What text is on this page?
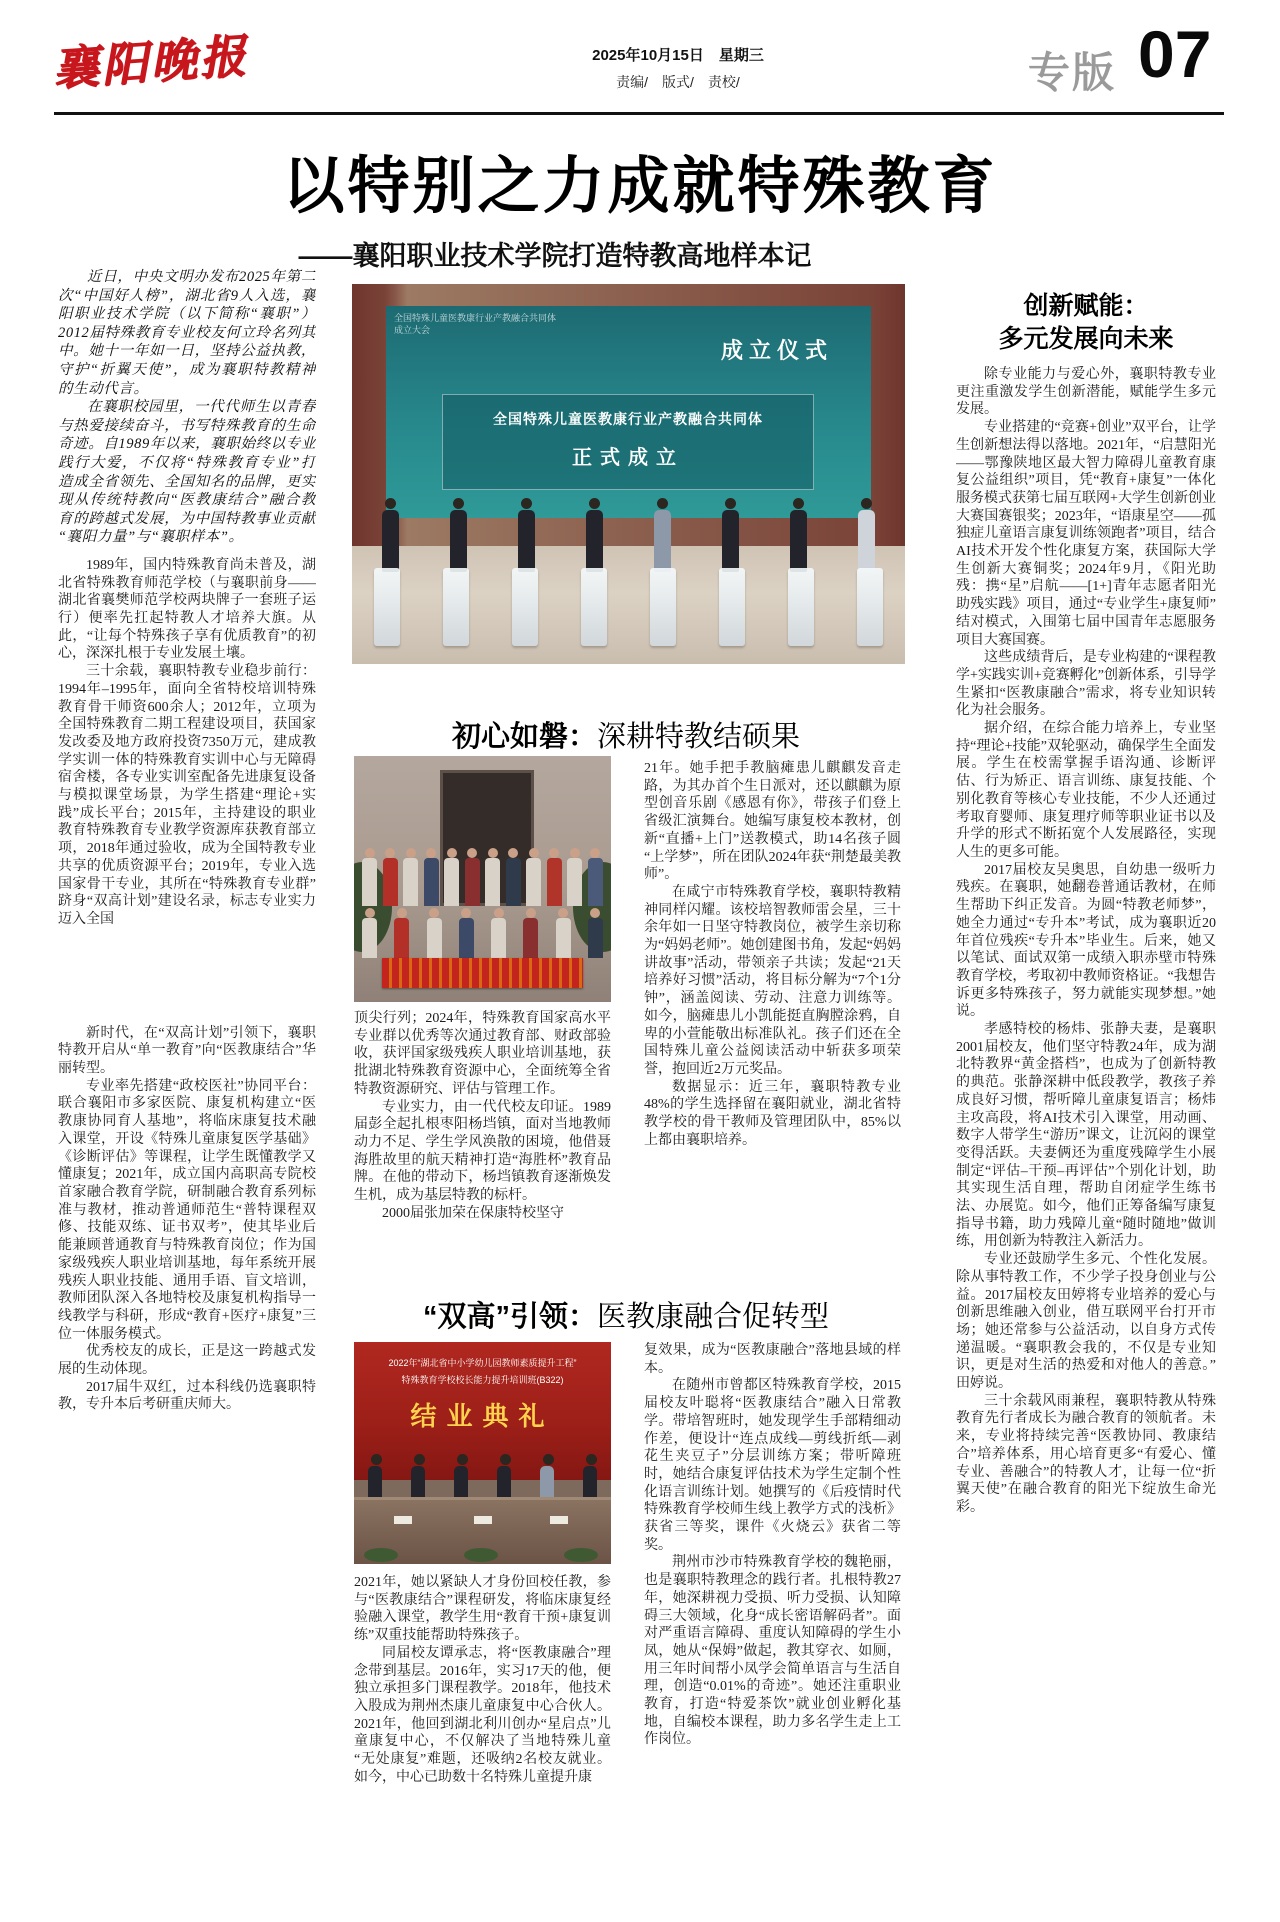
襄阳晚报	2025年10月15日　星期三
责编/　版式/　责校/	专版 07
以特别之力成就特殊教育
——襄阳职业技术学院打造特教高地样本记
全国特殊儿童医教康行业产教融合共同体
成立大会
成立仪式
全国特殊儿童医教康行业产教融合共同体
正式成立

近日，中央文明办发布2025年第二次“中国好人榜”，湖北省9人入选，襄阳职业技术学院（以下简称“襄职”）2012届特殊教育专业校友何立玲名列其中。她十一年如一日，坚持公益执教，守护“折翼天使”，成为襄职特教精神的生动代言。

在襄职校园里，一代代师生以青春与热爱接续奋斗，书写特殊教育的生命奇迹。自1989年以来，襄职始终以专业践行大爱，不仅将“特殊教育专业”打造成全省领先、全国知名的品牌，更实现从传统特教向“医教康结合”融合教育的跨越式发展，为中国特教事业贡献“襄阳力量”与“襄职样本”。

1989年，国内特殊教育尚未普及，湖北省特殊教育师范学校（与襄职前身——湖北省襄樊师范学校两块牌子一套班子运行）便率先扛起特教人才培养大旗。从此，“让每个特殊孩子享有优质教育”的初心，深深扎根于专业发展土壤。

三十余载，襄职特教专业稳步前行：1994年–1995年，面向全省特校培训特殊教育骨干师资600余人；2012年，立项为全国特殊教育二期工程建设项目，获国家发改委及地方政府投资7350万元，建成教学实训一体的特殊教育实训中心与无障碍宿舍楼，各专业实训室配备先进康复设备与模拟课堂场景，为学生搭建“理论+实践”成长平台；2015年，主持建设的职业教育特殊教育专业教学资源库获教育部立项，2018年通过验收，成为全国特教专业共享的优质资源平台；2019年，专业入选国家骨干专业，其所在“特殊教育专业群”跻身“双高计划”建设名录，标志专业实力迈入全国

新时代，在“双高计划”引领下，襄职特教开启从“单一教育”向“医教康结合”华丽转型。

专业率先搭建“政校医社”协同平台：联合襄阳市多家医院、康复机构建立“医教康协同育人基地”，将临床康复技术融入课堂，开设《特殊儿童康复医学基础》《诊断评估》等课程，让学生既懂教学又懂康复；2021年，成立国内高职高专院校首家融合教育学院，研制融合教育系列标准与教材，推动普通师范生“普特课程双修、技能双练、证书双考”，使其毕业后能兼顾普通教育与特殊教育岗位；作为国家级残疾人职业培训基地，每年系统开展残疾人职业技能、通用手语、盲文培训，教师团队深入各地特校及康复机构指导一线教学与科研，形成“教育+医疗+康复”三位一体服务模式。

优秀校友的成长，正是这一跨越式发展的生动体现。

2017届牛双红，过本科线仍选襄职特教，专升本后考研重庆师大。

初心如磐：深耕特教结硕果

顶尖行列；2024年，特殊教育国家高水平专业群以优秀等次通过教育部、财政部验收，获评国家级残疾人职业培训基地，获批湖北特殊教育资源中心，全面统筹全省特教资源研究、评估与管理工作。

专业实力，由一代代校友印证。1989届彭全起扎根枣阳杨垱镇，面对当地教师动力不足、学生学风涣散的困境，他借聂海胜故里的航天精神打造“海胜杯”教育品牌。在他的带动下，杨垱镇教育逐渐焕发生机，成为基层特教的标杆。

2000届张加荣在保康特校坚守

21年。她手把手教脑瘫患儿麒麒发音走路，为其办首个生日派对，还以麒麒为原型创音乐剧《感恩有你》，带孩子们登上省级汇演舞台。她编写康复校本教材，创新“直播+上门”送教模式，助14名孩子圆“上学梦”，所在团队2024年获“荆楚最美教师”。

在咸宁市特殊教育学校，襄职特教精神同样闪耀。该校培智教师雷会星，三十余年如一日坚守特教岗位，被学生亲切称为“妈妈老师”。她创建图书角，发起“妈妈讲故事”活动，带领亲子共读；发起“21天培养好习惯”活动，将目标分解为“7个1分钟”，涵盖阅读、劳动、注意力训练等。如今，脑瘫患儿小凯能挺直胸膛涂鸦，自卑的小萱能敬出标准队礼。孩子们还在全国特殊儿童公益阅读活动中斩获多项荣誉，抱回近2万元奖品。

数据显示：近三年，襄职特教专业48%的学生选择留在襄阳就业，湖北省特教学校的骨干教师及管理团队中，85%以上都由襄职培养。

“双高”引领：医教康融合促转型
2022年“湖北省中小学幼儿园教师素质提升工程”
特殊教育学校校长能力提升培训班(B322)
结业典礼

2021年，她以紧缺人才身份回校任教，参与“医教康结合”课程研发，将临床康复经验融入课堂，教学生用“教育干预+康复训练”双重技能帮助特殊孩子。

同届校友谭承志，将“医教康融合”理念带到基层。2016年，实习17天的他，便独立承担多门课程教学。2018年，他技术入股成为荆州杰康儿童康复中心合伙人。2021年，他回到湖北利川创办“星启点”儿童康复中心，不仅解决了当地特殊儿童“无处康复”难题，还吸纳2名校友就业。如今，中心已助数十名特殊儿童提升康

复效果，成为“医教康融合”落地县域的样本。

在随州市曾都区特殊教育学校，2015届校友叶聪将“医教康结合”融入日常教学。带培智班时，她发现学生手部精细动作差，便设计“连点成线—剪线折纸—剥花生夹豆子”分层训练方案；带听障班时，她结合康复评估技术为学生定制个性化语言训练计划。她撰写的《后疫情时代特殊教育学校师生线上教学方式的浅析》获省三等奖，课件《火烧云》获省二等奖。

荆州市沙市特殊教育学校的魏艳丽，也是襄职特教理念的践行者。扎根特教27年，她深耕视力受损、听力受损、认知障碍三大领域，化身“成长密语解码者”。面对严重语言障碍、重度认知障碍的学生小凤，她从“保姆”做起，教其穿衣、如厕，用三年时间帮小凤学会简单语言与生活自理，创造“0.01%的奇迹”。她还注重职业教育，打造“特爱茶饮”就业创业孵化基地，自编校本课程，助力多名学生走上工作岗位。

创新赋能：
多元发展向未来

除专业能力与爱心外，襄职特教专业更注重激发学生创新潜能，赋能学生多元发展。

专业搭建的“竞赛+创业”双平台，让学生创新想法得以落地。2021年，“启慧阳光——鄂豫陕地区最大智力障碍儿童教育康复公益组织”项目，凭“教育+康复”一体化服务模式获第七届互联网+大学生创新创业大赛国赛银奖；2023年，“语康星空——孤独症儿童语言康复训练领跑者”项目，结合AI技术开发个性化康复方案，获国际大学生创新大赛铜奖；2024年9月，《阳光助残：携“星”启航——[1+]青年志愿者阳光助残实践》项目，通过“专业学生+康复师”结对模式，入围第七届中国青年志愿服务项目大赛国赛。

这些成绩背后，是专业构建的“课程教学+实践实训+竞赛孵化”创新体系，引导学生紧扣“医教康融合”需求，将专业知识转化为社会服务。

据介绍，在综合能力培养上，专业坚持“理论+技能”双轮驱动，确保学生全面发展。学生在校需掌握手语沟通、诊断评估、行为矫正、语言训练、康复技能、个别化教育等核心专业技能，不少人还通过考取育婴师、康复理疗师等职业证书以及升学的形式不断拓宽个人发展路径，实现人生的更多可能。

2017届校友吴奥思，自幼患一级听力残疾。在襄职，她翻卷普通话教材，在师生帮助下纠正发音。为圆“特教老师梦”，她全力通过“专升本”考试，成为襄职近20年首位残疾“专升本”毕业生。后来，她又以笔试、面试双第一成绩入职赤壁市特殊教育学校，考取初中教师资格证。“我想告诉更多特殊孩子，努力就能实现梦想。”她说。

孝感特校的杨炜、张静夫妻，是襄职2001届校友，他们坚守特教24年，成为湖北特教界“黄金搭档”，也成为了创新特教的典范。张静深耕中低段教学，教孩子养成良好习惯，帮听障儿童康复语言；杨炜主攻高段，将AI技术引入课堂，用动画、数字人带学生“游历”课文，让沉闷的课堂变得活跃。夫妻俩还为重度残障学生小展制定“评估–干预–再评估”个别化计划，助其实现生活自理，帮助自闭症学生练书法、办展览。如今，他们正筹备编写康复指导书籍，助力残障儿童“随时随地”做训练，用创新为特教注入新活力。

专业还鼓励学生多元、个性化发展。除从事特教工作，不少学子投身创业与公益。2017届校友田婷将专业培养的爱心与创新思维融入创业，借互联网平台打开市场；她还常参与公益活动，以自身方式传递温暖。“襄职教会我的，不仅是专业知识，更是对生活的热爱和对他人的善意。”田婷说。

三十余载风雨兼程，襄职特教从特殊教育先行者成长为融合教育的领航者。未来，专业将持续完善“医教协同、教康结合”培养体系，用心培育更多“有爱心、懂专业、善融合”的特教人才，让每一位“折翼天使”在融合教育的阳光下绽放生命光彩。
